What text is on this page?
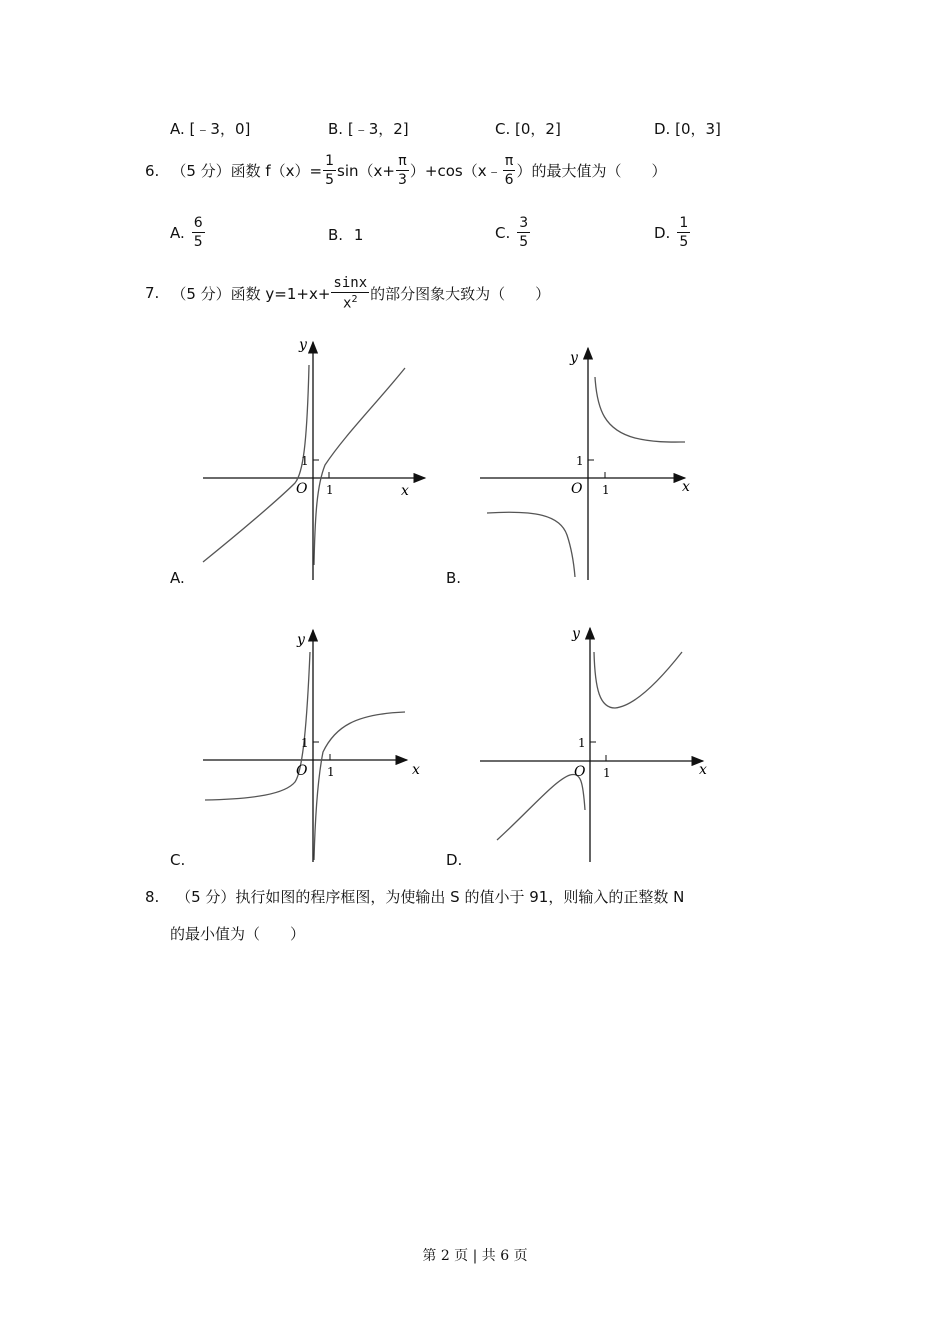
A. [﹣3，0]	B. [﹣3，2]	C. [0，2]	D. [0，3]
6. （5 分）函数 $f(x)= \frac{1}{5} \sin(x+ \frac{\pi}{3}$ ）+cos（x﹣ $\frac{\pi}{6}$ ）的最大值为（　　）
A. $\frac{6}{5}$	B. 1	C. $\frac{3}{5}$	D. $\frac{1}{5}$
7. （5 分）函数 $y=1+x+ \frac{\sin x}{x^2}$ 的部分图象大致为（　　）
y
x
O 1
1
A.
y
x
O 1
1
B.
y
x
O 1
1
C.
y
x
O 1
1
D.
8. （5 分）执行如图的程序框图，为使输出 S 的值小于 91，则输入的正整数 N
的最小值为（　　）
第 2 页 | 共 6 页
